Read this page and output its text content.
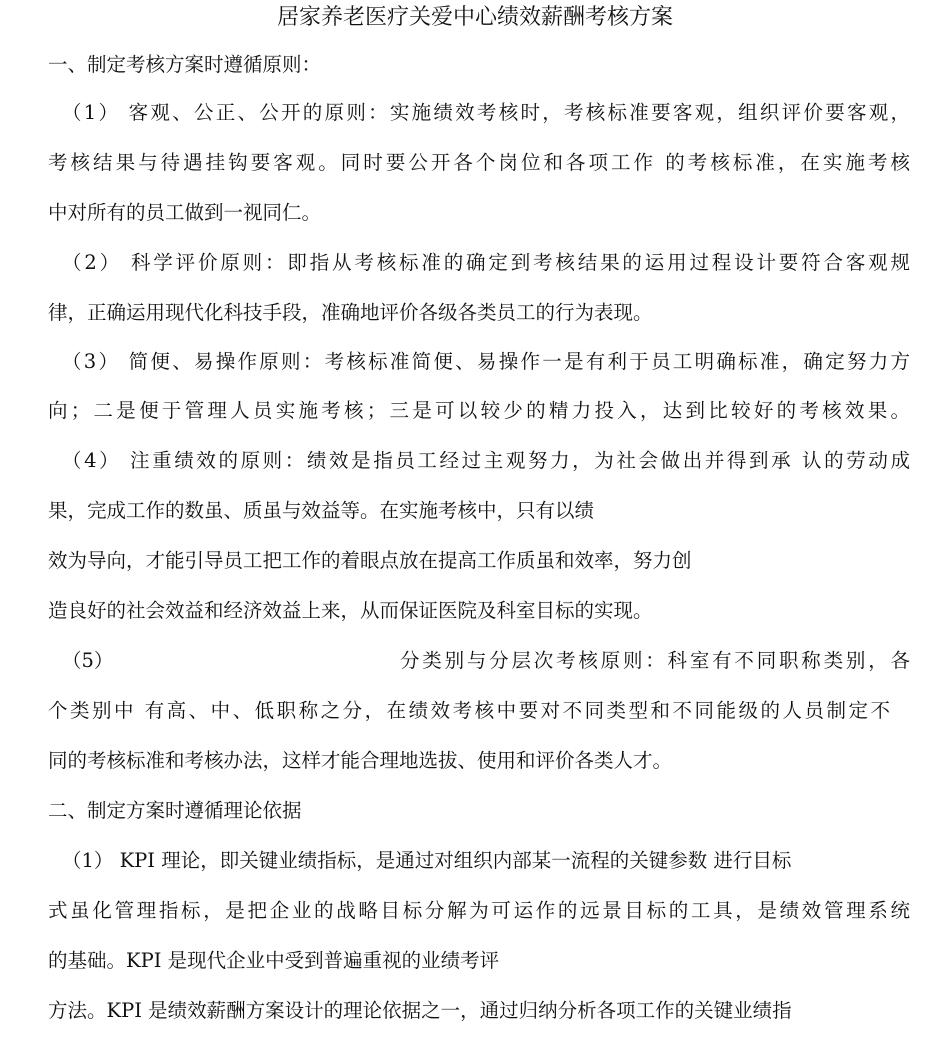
居家养老医疗关爱中心绩效薪酬考核方案
一、制定考核方案时遵循原则：
（1） 客观、公正、公开的原则：实施绩效考核时，考核标准要客观，组织评价要客观，
考核结果与待遇挂钩要客观。同时要公开各个岗位和各项工作 的考核标准，在实施考核
中对所有的员工做到一视同仁。
（2） 科学评价原则：即指从考核标准的确定到考核结果的运用过程设计要符合客观规
律，正确运用现代化科技手段，准确地评价各级各类员工的行为表现。
（3） 简便、易操作原则：考核标准简便、易操作一是有利于员工明确标准，确定努力方
向；二是便于管理人员实施考核；三是可以较少的精力投入，达到比较好的考核效果。
（4） 注重绩效的原则：绩效是指员工经过主观努力，为社会做出并得到承 认的劳动成
果，完成工作的数虽、质虽与效益等。在实施考核中，只有以绩
效为导向，才能引导员工把工作的着眼点放在提高工作质虽和效率，努力创
造良好的社会效益和经济效益上来，从而保证医院及科室目标的实现。
（5）	分类别与分层次考核原则：科室有不同职称类别，各
个类别中 有高、中、低职称之分，在绩效考核中要对不同类型和不同能级的人员制定不
同的考核标准和考核办法，这样才能合理地选拔、使用和评价各类人才。
二、制定方案时遵循理论依据
（1） KPI 理论，即关键业绩指标，是通过对组织内部某一流程的关键参数 进行目标
式虽化管理指标，是把企业的战略目标分解为可运作的远景目标的工具，是绩效管理系统
的基础。KPI 是现代企业中受到普遍重视的业绩考评
方法。KPI 是绩效薪酬方案设计的理论依据之一，通过归纳分析各项工作的关键业绩指
